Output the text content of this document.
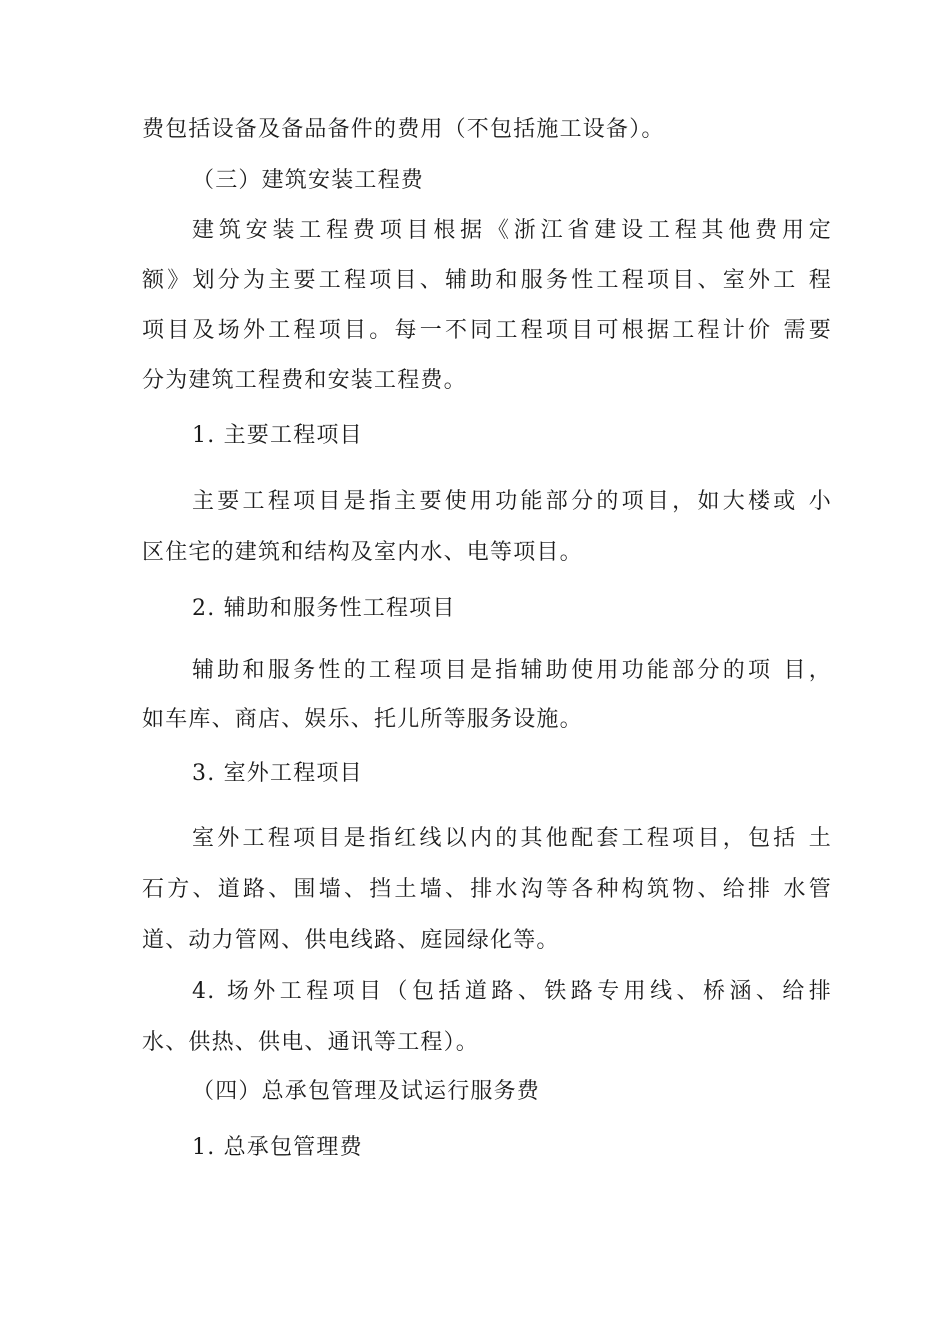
费包括设备及备品备件的费用（不包括施工设备）。
（三）建筑安装工程费
建筑安装工程费项目根据《浙江省建设工程其他费用定
额》划分为主要工程项目、辅助和服务性工程项目、室外工 程
项目及场外工程项目。每一不同工程项目可根据工程计价 需要
分为建筑工程费和安装工程费。
1. 主要工程项目
主要工程项目是指主要使用功能部分的项目，如大楼或 小
区住宅的建筑和结构及室内水、电等项目。
2. 辅助和服务性工程项目
辅助和服务性的工程项目是指辅助使用功能部分的项 目，
如车库、商店、娱乐、托儿所等服务设施。
3. 室外工程项目
室外工程项目是指红线以内的其他配套工程项目，包括 土
石方、道路、围墙、挡土墙、排水沟等各种构筑物、给排 水管
道、动力管网、供电线路、庭园绿化等。
4. 场外工程项目（包括道路、铁路专用线、桥涵、给排
水、供热、供电、通讯等工程）。
（四）总承包管理及试运行服务费
1. 总承包管理费
